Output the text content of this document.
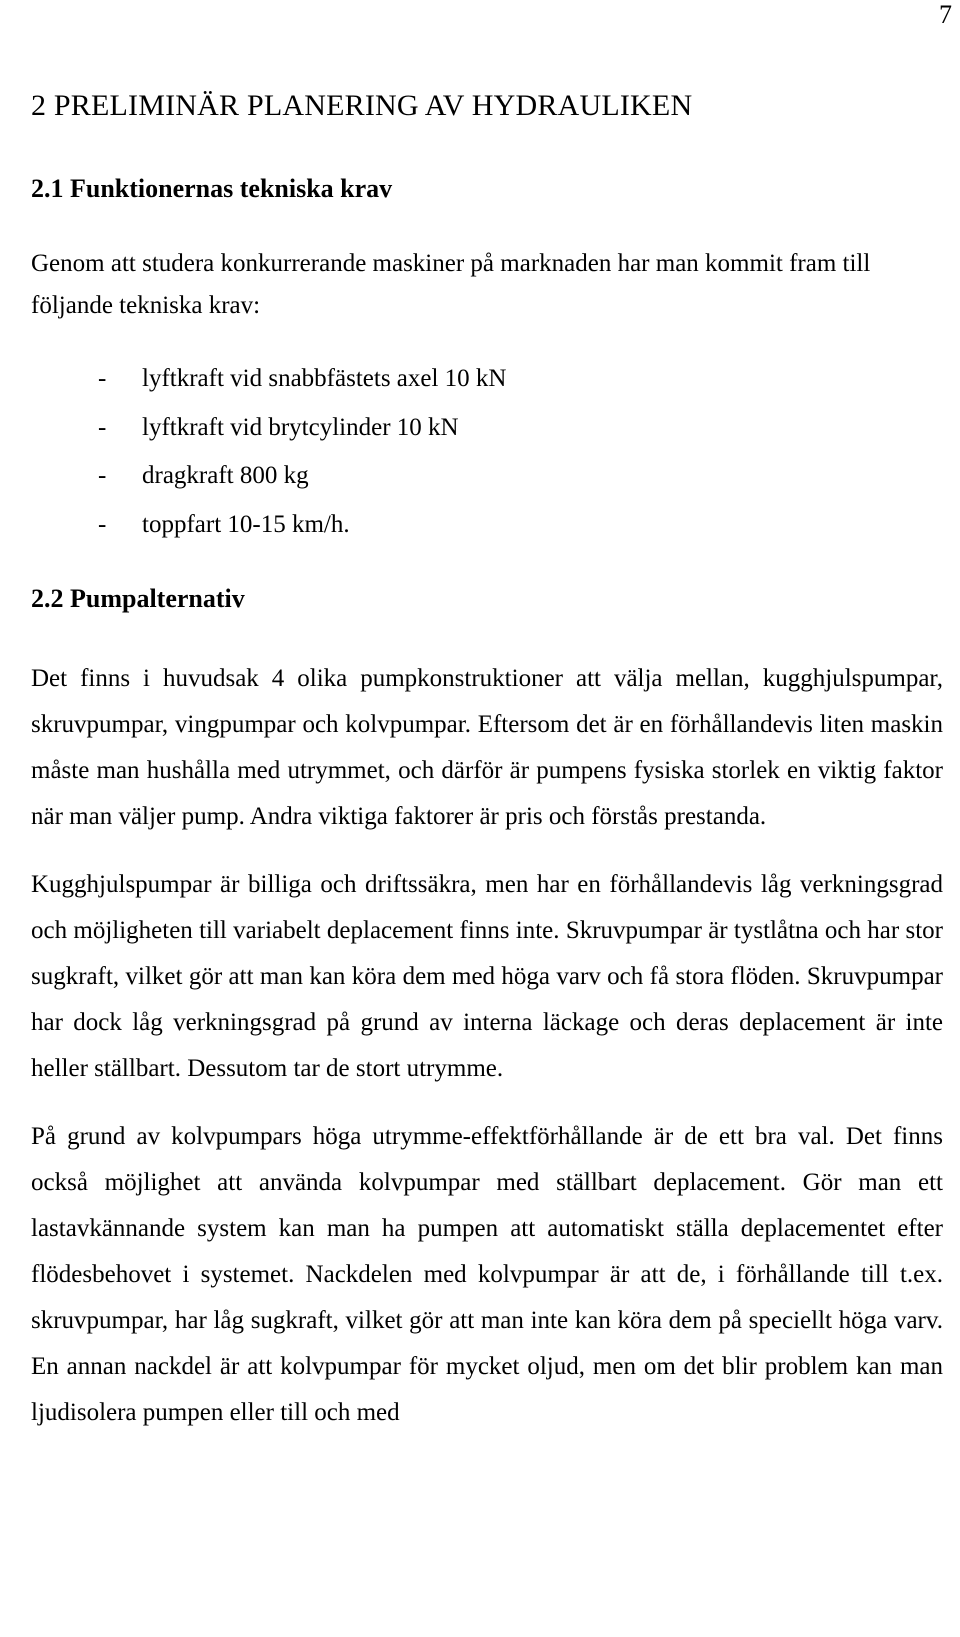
7
2 PRELIMINÄR PLANERING AV HYDRAULIKEN
2.1 Funktionernas tekniska krav

Genom att studera konkurrerande maskiner på marknaden har man kommit fram till följande tekniska krav:

- lyftkraft vid snabbfästets axel 10 kN
- lyftkraft vid brytcylinder 10 kN
- dragkraft 800 kg
- toppfart 10-15 km/h.
2.2 Pumpalternativ

Det finns i huvudsak 4 olika pumpkonstruktioner att välja mellan, kugghjulspumpar, skruvpumpar, vingpumpar och kolvpumpar. Eftersom det är en förhållandevis liten maskin måste man hushålla med utrymmet, och därför är pumpens fysiska storlek en viktig faktor när man väljer pump. Andra viktiga faktorer är pris och förstås prestanda.

Kugghjulspumpar är billiga och driftssäkra, men har en förhållandevis låg verkningsgrad och möjligheten till variabelt deplacement finns inte. Skruvpumpar är tystlåtna och har stor sugkraft, vilket gör att man kan köra dem med höga varv och få stora flöden. Skruvpumpar har dock låg verkningsgrad på grund av interna läckage och deras deplacement är inte heller ställbart. Dessutom tar de stort utrymme.

På grund av kolvpumpars höga utrymme-effektförhållande är de ett bra val. Det finns också möjlighet att använda kolvpumpar med ställbart deplacement. Gör man ett lastavkännande system kan man ha pumpen att automatiskt ställa deplacementet efter flödesbehovet i systemet. Nackdelen med kolvpumpar är att de, i förhållande till t.ex. skruvpumpar, har låg sugkraft, vilket gör att man inte kan köra dem på speciellt höga varv. En annan nackdel är att kolvpumpar för mycket oljud, men om det blir problem kan man ljudisolera pumpen eller till och med
